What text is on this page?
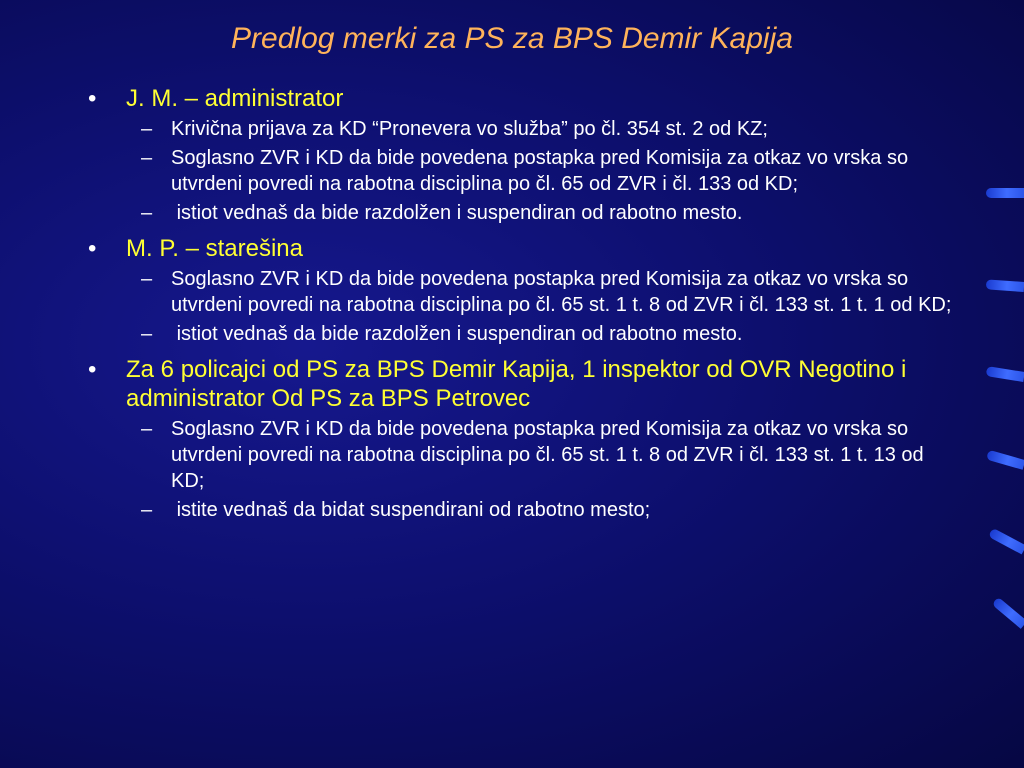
Predlog merki za PS za BPS Demir Kapija
• J. M. – administrator
– Krivična prijava za KD “Pronevera vo služba” po čl. 354 st. 2 od KZ;
– Soglasno ZVR i KD da bide povedena postapka pred Komisija za otkaz vo vrska so utvrdeni povredi na rabotna disciplina po čl. 65 od ZVR i čl. 133 od KD;
– istiot vednaš da bide razdolžen i suspendiran od rabotno mesto.
• M. P. – starešina
– Soglasno ZVR i KD da bide povedena postapka pred Komisija za otkaz vo vrska so utvrdeni povredi na rabotna disciplina po čl. 65 st. 1 t. 8 od ZVR i čl. 133 st. 1 t. 1 od KD;
– istiot vednaš da bide razdolžen i suspendiran od rabotno mesto.
• Za 6 policajci od PS za BPS Demir Kapija, 1 inspektor od OVR Negotino i administrator Od PS za BPS Petrovec
– Soglasno ZVR i KD da bide povedena postapka pred Komisija za otkaz vo vrska so utvrdeni povredi na rabotna disciplina po čl. 65 st. 1 t. 8 od ZVR i čl. 133 st. 1 t. 13 od KD;
– istite vednaš da bidat suspendirani od rabotno mesto;
